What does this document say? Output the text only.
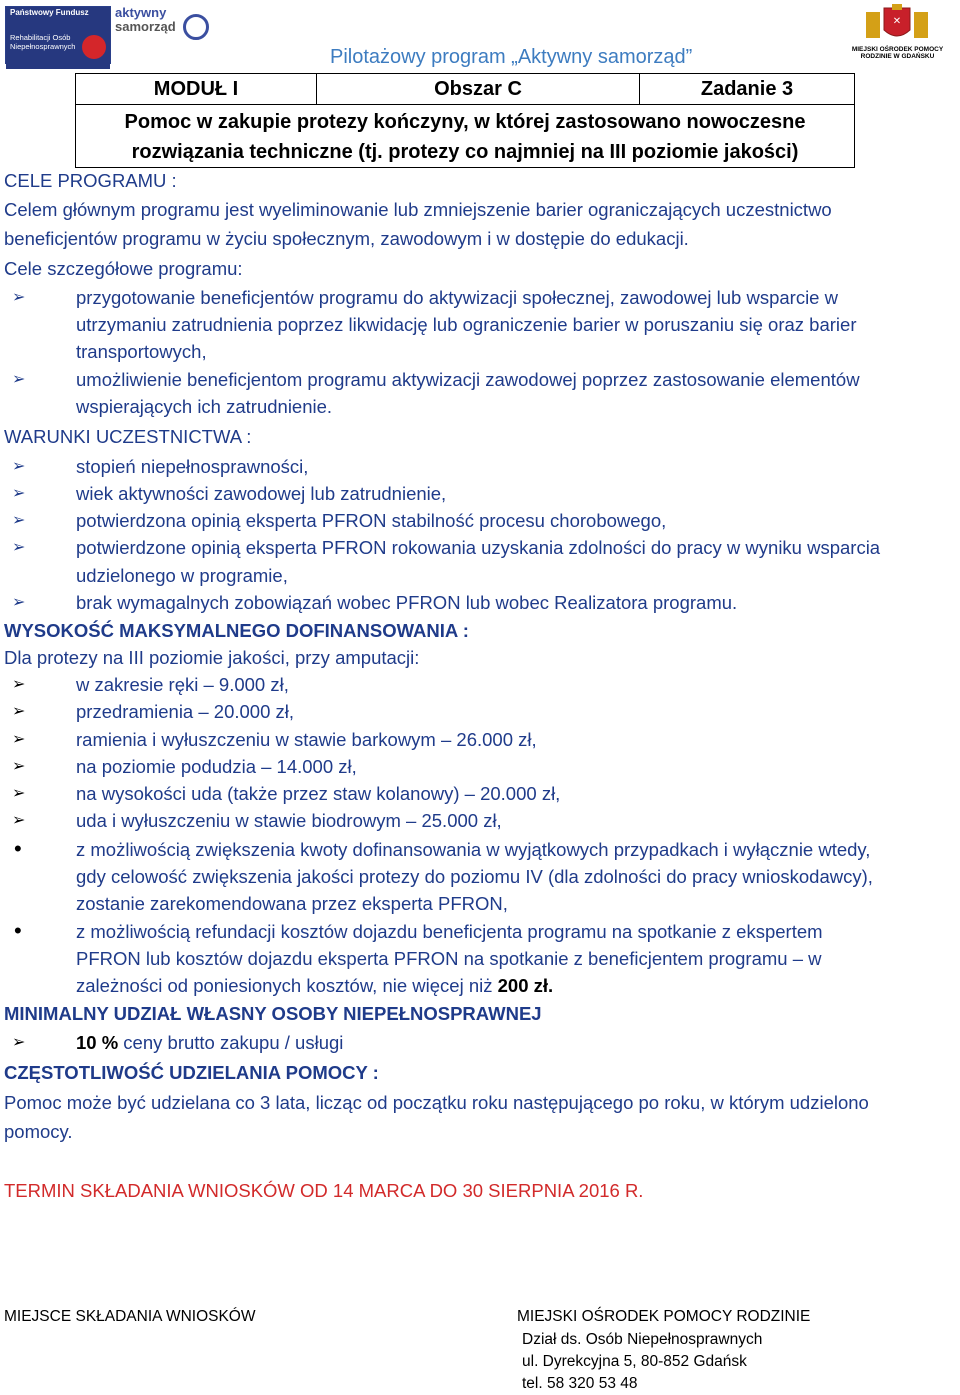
Państwowy Fundusz
Rehabilitacji Osób
Niepełnosprawnych
aktywny
samorząd
Pilotażowy program „Aktywny samorząd”
✕
MIEJSKI OŚRODEK POMOCY RODZINIE W GDAŃSKU
MODUŁ I	Obszar C	Zadanie 3

Pomoc w zakupie protezy kończyny, w której zastosowano nowoczesne
rozwiązania techniczne (tj. protezy co najmniej na III poziomie jakości)
CELE PROGRAMU :
Celem głównym programu jest wyeliminowanie lub zmniejszenie barier ograniczających uczestnictwo
beneficjentów programu w życiu społecznym, zawodowym i w dostępie do edukacji.
Cele szczegółowe programu:
➢	przygotowanie beneficjentów programu do aktywizacji społecznej, zawodowej lub wsparcie w
utrzymaniu zatrudnienia poprzez likwidację lub ograniczenie barier w poruszaniu się oraz barier
transportowych,
➢	umożliwienie beneficjentom programu aktywizacji zawodowej poprzez zastosowanie elementów
wspierających ich zatrudnienie.
WARUNKI UCZESTNICTWA :
➢	stopień niepełnosprawności,
➢	wiek aktywności zawodowej lub zatrudnienie,
➢	potwierdzona opinią eksperta PFRON stabilność procesu chorobowego,
➢	potwierdzone opinią eksperta PFRON rokowania uzyskania zdolności do pracy w wyniku wsparcia
udzielonego w programie,
➢	brak wymagalnych zobowiązań wobec PFRON lub wobec Realizatora programu.
WYSOKOŚĆ MAKSYMALNEGO DOFINANSOWANIA :
Dla protezy na III poziomie jakości, przy amputacji:
➢	w zakresie ręki – 9.000 zł,
➢	przedramienia – 20.000 zł,
➢	ramienia i wyłuszczeniu w stawie barkowym – 26.000 zł,
➢	na poziomie podudzia – 14.000 zł,
➢	na wysokości uda (także przez staw kolanowy) – 20.000 zł,
➢	uda i wyłuszczeniu w stawie biodrowym – 25.000 zł,
•	z możliwością zwiększenia kwoty dofinansowania w wyjątkowych przypadkach i wyłącznie wtedy,
gdy celowość zwiększenia jakości protezy do poziomu IV (dla zdolności do pracy wnioskodawcy),
zostanie zarekomendowana przez eksperta PFRON,
•	z możliwością refundacji kosztów dojazdu beneficjenta programu na spotkanie z ekspertem
PFRON lub kosztów dojazdu eksperta PFRON na spotkanie z beneficjentem programu – w
zależności od poniesionych kosztów, nie więcej niż 200 zł.
MINIMALNY UDZIAŁ WŁASNY OSOBY NIEPEŁNOSPRAWNEJ
➢	10 % ceny brutto zakupu / usługi
CZĘSTOTLIWOŚĆ UDZIELANIA POMOCY :
Pomoc może być udzielana co 3 lata, licząc od początku roku następującego po roku, w którym udzielono
pomocy.
TERMIN SKŁADANIA WNIOSKÓW OD 14 MARCA DO 30 SIERPNIA 2016 R.
MIEJSCE SKŁADANIA WNIOSKÓW	MIEJSKI OŚRODEK POMOCY RODZINIE
Dział ds. Osób Niepełnosprawnych
ul. Dyrekcyjna 5, 80-852 Gdańsk
tel. 58 320 53 48
